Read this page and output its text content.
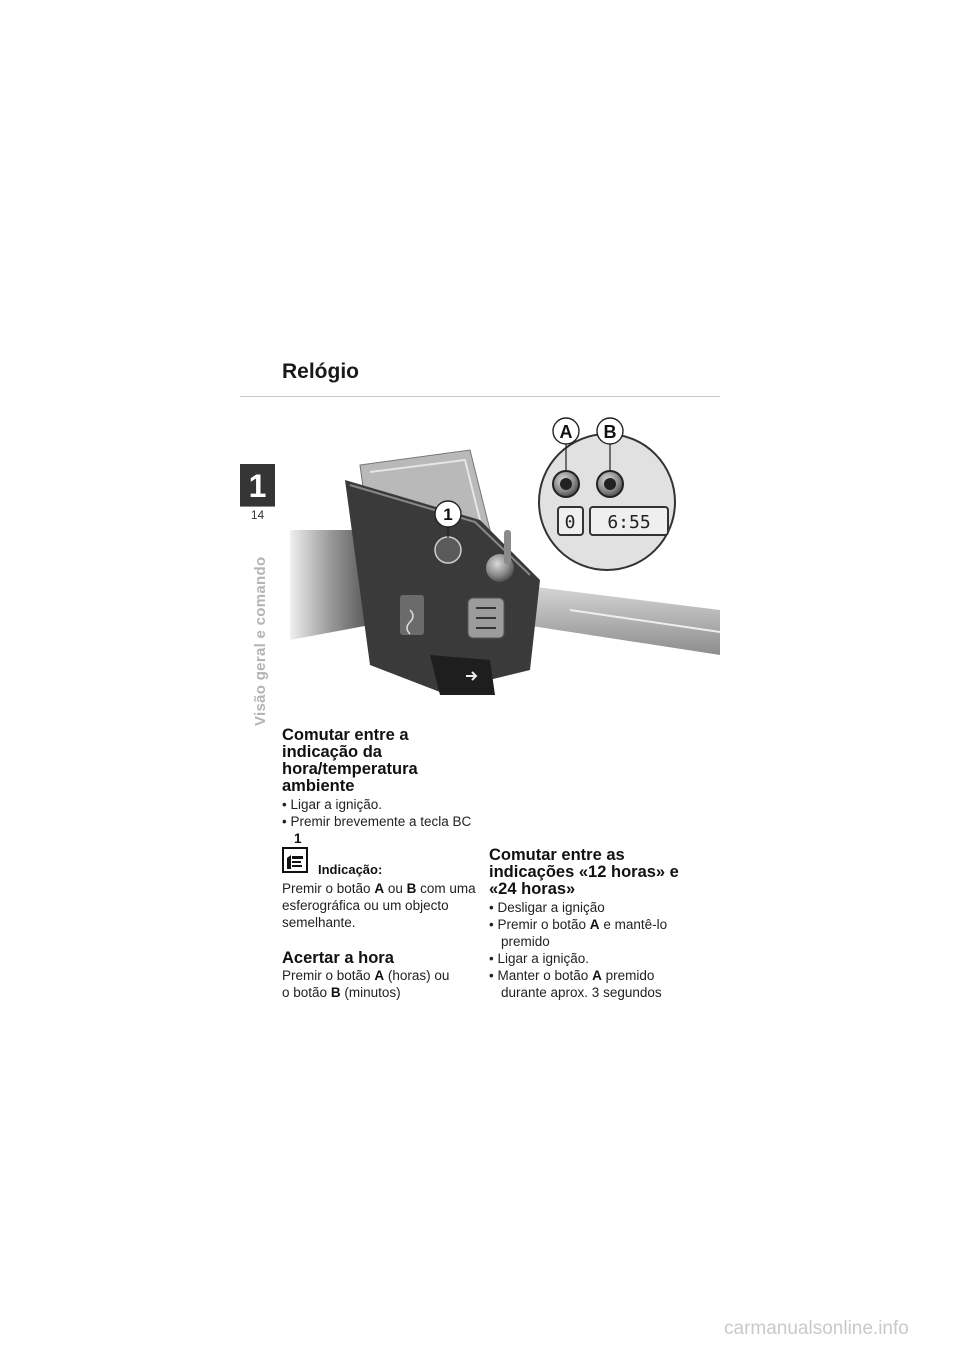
Relógio
1
14
Visão geral e comando
1	0 6:55
A B
Comutar entre a indicação da hora/temperatura ambiente
• Ligar a ignição.
• Premir brevemente a tecla BC 1
Indicação:

Premir o botão A ou B com uma esferográfica ou um objecto semelhante.

Acertar a hora

Premir o botão A (horas) ou
o botão B (minutos)

Comutar entre as indicações «12 horas» e «24 horas»
• Desligar a ignição
• Premir o botão A e mantê-lo premido
• Ligar a ignição.
• Manter o botão A premido durante aprox. 3 segundos
carmanualsonline.info
